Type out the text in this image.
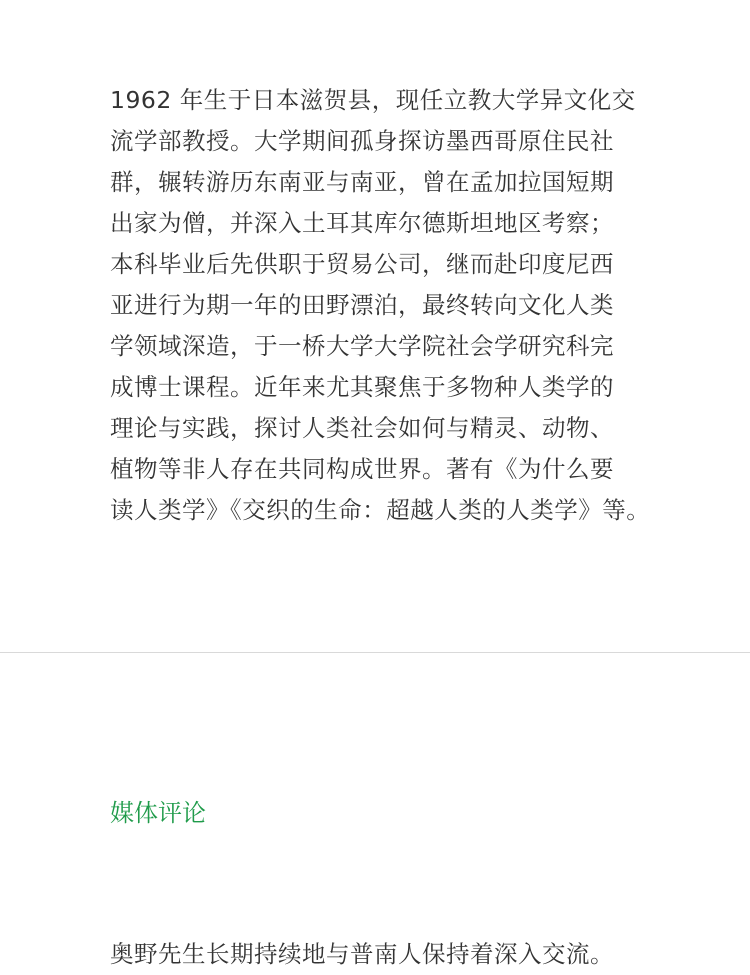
1962 年生于日本滋贺县，现任立教大学异文化交
流学部教授。大学期间孤身探访墨西哥原住民社
群，辗转游历东南亚与南亚，曾在孟加拉国短期
出家为僧，并深入土耳其库尔德斯坦地区考察；
本科毕业后先供职于贸易公司，继而赴印度尼西
亚进行为期一年的田野漂泊，最终转向文化人类
学领域深造，于一桥大学大学院社会学研究科完
成博士课程。近年来尤其聚焦于多物种人类学的
理论与实践，探讨人类社会如何与精灵、动物、
植物等非人存在共同构成世界。著有《为什么要
读人类学》《交织的生命：超越人类的人类学》等。
媒体评论
奥野先生长期持续地与普南人保持着深入交流。
